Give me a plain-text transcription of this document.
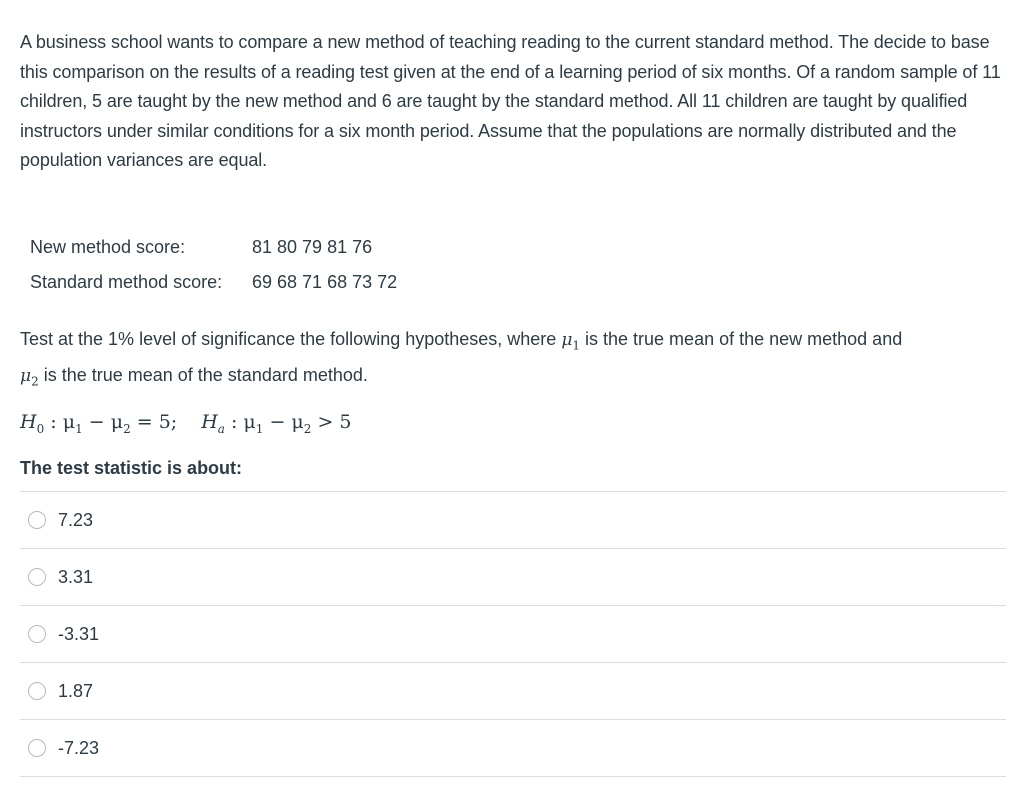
A business school wants to compare a new method of teaching reading to the current standard method. The decide to base this comparison on the results of a reading test given at the end of a learning period of six months. Of a random sample of 11 children, 5 are taught by the new method and 6 are taught by the standard method. All 11 children are taught by qualified instructors under similar conditions for a six month period. Assume that the populations are normally distributed and the population variances are equal.

New method score:	81 80 79 81 76
Standard method score:	69 68 71 68 73 72

Test at the 1% level of significance the following hypotheses, where $\mu_1$ is the true mean of the new method and
$\mu_2$ is the true mean of the standard method.

$H_0$ : $\mu_1 - \mu_2 = 5$; $H_a$ : $\mu_1 - \mu_2 > 5$
The test statistic is about:
7.23
3.31
-3.31
1.87
-7.23
